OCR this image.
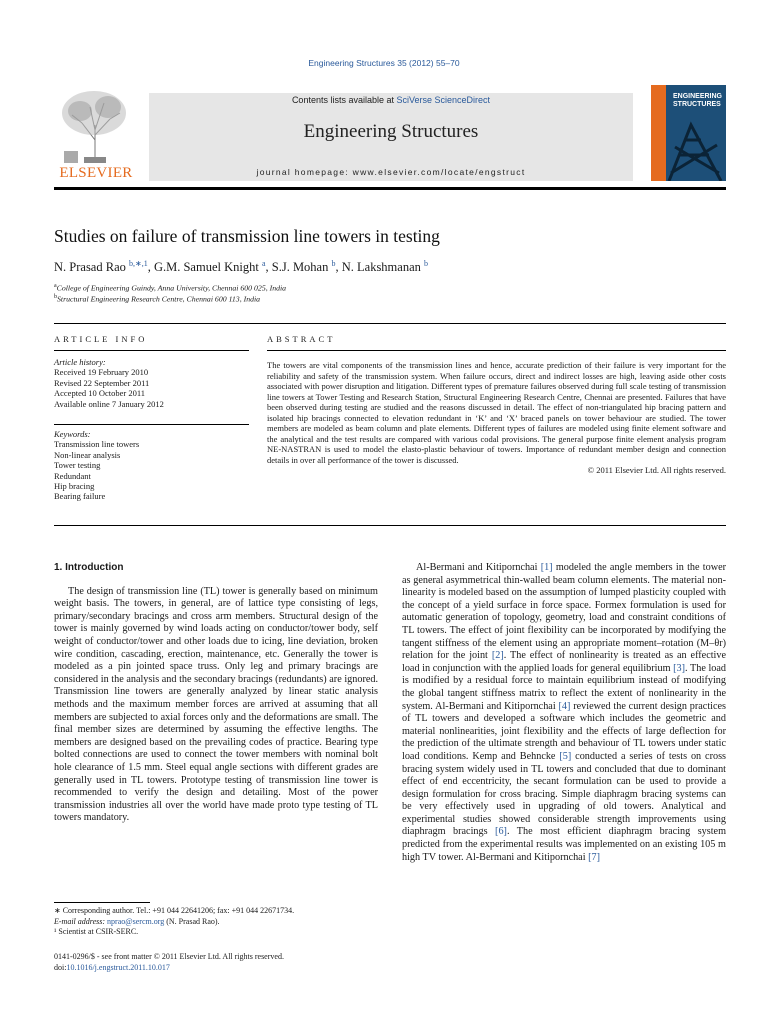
Engineering Structures 35 (2012) 55–70
ELSEVIER
Contents lists available at SciVerse ScienceDirect
Engineering Structures
journal homepage: www.elsevier.com/locate/engstruct
ENGINEERING
STRUCTURES
Studies on failure of transmission line towers in testing
N. Prasad Rao $^{b,∗,1}$, G.M. Samuel Knight $^a$, S.J. Mohan $^b$, N. Lakshmanan $^b$
$^a$College of Engineering Guindy, Anna University, Chennai 600 025, India
$^b$Structural Engineering Research Centre, Chennai 600 113, India
ARTICLE INFO	ABSTRACT
Article history:
Received 19 February 2010
Revised 22 September 2011
Accepted 10 October 2011
Available online 7 January 2012
Keywords:
Transmission line towers
Non-linear analysis
Tower testing
Redundant
Hip bracing
Bearing failure
The towers are vital components of the transmission lines and hence, accurate prediction of their failure is very important for the reliability and safety of the transmission system. When failure occurs, direct and indirect losses are high, leaving aside other costs associated with power disruption and litigation. Different types of premature failures observed during full scale testing of transmission line towers at Tower Testing and Research Station, Structural Engineering Research Centre, Chennai are presented. Failures that have been observed during testing are studied and the reasons discussed in detail. The effect of non-triangulated hip bracing pattern and isolated hip bracings connected to elevation redundant in ‘K’ and ‘X’ braced panels on tower behaviour are studied. The tower members are modeled as beam column and plate elements. Different types of failures are modeled using finite element software and the analytical and the test results are compared with various codal provisions. The general purpose finite element analysis program NE-NASTRAN is used to model the elasto-plastic behaviour of towers. Importance of redundant member design and connection details in over all performance of the tower is discussed.
© 2011 Elsevier Ltd. All rights reserved.
1. Introduction

The design of transmission line (TL) tower is generally based on minimum weight basis. The towers, in general, are of lattice type consisting of legs, primary/secondary bracings and cross arm members. Structural design of the tower is mainly governed by wind loads acting on conductor/tower body, self weight of conductor/tower and other loads due to icing, line deviation, broken wire condition, cascading, erection, maintenance, etc. Generally the tower is modeled as a pin jointed space truss. Only leg and primary bracings are considered in the analysis and the secondary bracings (redundants) are ignored. Transmission line towers are generally analyzed by linear static analysis methods and the maximum member forces are arrived at assuming that all members are subjected to axial forces only and the deformations are small. The final member sizes are determined by assuming the effective lengths. The members are designed based on the prevailing codes of practice. Bearing type bolted connections are used to connect the tower members with nominal bolt hole clearance of 1.5 mm. Steel equal angle sections with different grades are generally used in TL towers. Prototype testing of transmission line tower is recommended to verify the design and detailing. Most of the power transmission industries all over the world have made proto type testing of TL towers mandatory.

Al-Bermani and Kitipornchai [1] modeled the angle members in the tower as general asymmetrical thin-walled beam column elements. The material non-linearity is modeled based on the assumption of lumped plasticity coupled with the concept of a yield surface in force space. Formex formulation is used for automatic generation of topology, geometry, load and constraint conditions of TL towers. The effect of joint flexibility can be incorporated by modifying the tangent stiffness of the element using an appropriate moment–rotation (M–θr) relation for the joint [2]. The effect of nonlinearity is treated as an effective load in conjunction with the applied loads for general equilibrium [3]. The load is modified by a residual force to maintain equilibrium instead of modifying the global tangent stiffness matrix to reflect the extent of nonlinearity in the system. Al-Bermani and Kitipornchai [4] reviewed the current design practices of TL towers and developed a software which includes the geometric and material nonlinearities, joint flexibility and the effects of large deflection for the prediction of the ultimate strength and behaviour of TL towers under static load conditions. Kemp and Behncke [5] conducted a series of tests on cross bracing system widely used in TL towers and concluded that due to dominant effect of end eccentricity, the secant formulation can be used to provide a design formulation for cross bracing. Simple diaphragm bracing systems can be very effectively used in upgrading of old towers. Analytical and experimental studies showed considerable strength improvements using diaphragm bracings [6]. The most efficient diaphragm bracing system predicted from the experimental results was implemented on an existing 105 m high TV tower. Al-Bermani and Kitipornchai [7]

∗ Corresponding author. Tel.: +91 044 22641206; fax: +91 044 22671734.
E-mail address: nprao@sercm.org (N. Prasad Rao).
¹ Scientist at CSIR-SERC.
0141-0296/$ - see front matter © 2011 Elsevier Ltd. All rights reserved.
doi:10.1016/j.engstruct.2011.10.017
